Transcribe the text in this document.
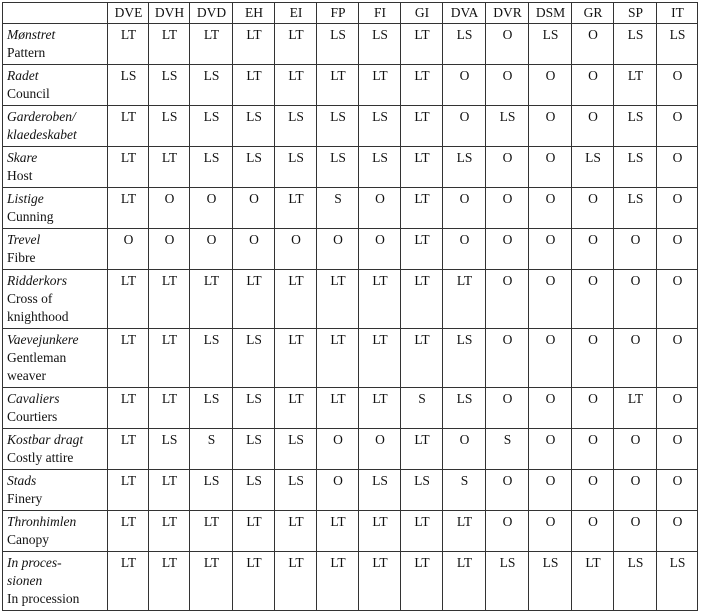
	DVE	DVH	DVD	EH	EI	FP	FI	GI	DVA	DVR	DSM	GR	SP	IT

Mønstret
Pattern	LT	LT	LT	LT	LT	LS	LS	LT	LS	O	LS	O	LS	LS

Radet
Council	LS	LS	LS	LT	LT	LT	LT	LT	O	O	O	O	LT	O

Garderoben/
klaedeskabet	LT	LS	LS	LS	LS	LS	LS	LT	O	LS	O	O	LS	O

Skare
Host	LT	LT	LS	LS	LS	LS	LS	LT	LS	O	O	LS	LS	O

Listige
Cunning	LT	O	O	O	LT	S	O	LT	O	O	O	O	LS	O

Trevel
Fibre	O	O	O	O	O	O	O	LT	O	O	O	O	O	O

Ridderkors
Cross of
knighthood	LT	LT	LT	LT	LT	LT	LT	LT	LT	O	O	O	O	O

Vaevejunkere
Gentleman
weaver	LT	LT	LS	LS	LT	LT	LT	LT	LS	O	O	O	O	O

Cavaliers
Courtiers	LT	LT	LS	LS	LT	LT	LT	S	LS	O	O	O	LT	O

Kostbar dragt
Costly attire	LT	LS	S	LS	LS	O	O	LT	O	S	O	O	O	O

Stads
Finery	LT	LT	LS	LS	LS	O	LS	LS	S	O	O	O	O	O

Thronhimlen
Canopy	LT	LT	LT	LT	LT	LT	LT	LT	LT	O	O	O	O	O

In proces-
sionen
In procession	LT	LT	LT	LT	LT	LT	LT	LT	LT	LS	LS	LT	LS	LS
